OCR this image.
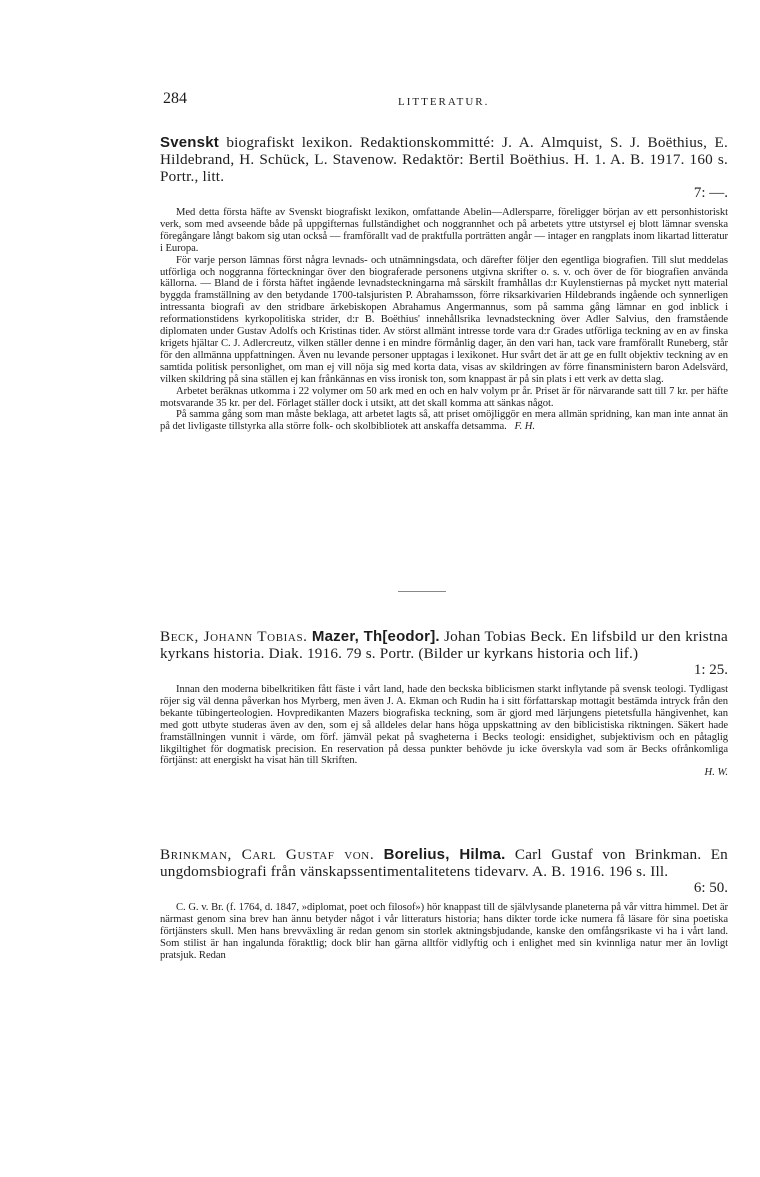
284	LITTERATUR.

Svenskt biografiskt lexikon. Redaktionskommitté: J. A. Almquist, S. J. Boëthius, E. Hildebrand, H. Schück, L. Stavenow. Redaktör: Bertil Boëthius. H. 1. A. B. 1917. 160 s. Portr., litt.

7: —.

Med detta första häfte av Svenskt biografiskt lexikon, omfattande Abelin—Adlersparre, föreligger början av ett personhistoriskt verk, som med avseende både på uppgifternas fullständighet och noggrannhet och på arbetets yttre utstyrsel ej blott lämnar svenska föregångare långt bakom sig utan också — framförallt vad de praktfulla porträtten angår — intager en rangplats inom likartad litteratur i Europa.

För varje person lämnas först några levnads- och utnämningsdata, och därefter följer den egentliga biografien. Till slut meddelas utförliga och noggranna förteckningar över den biograferade personens utgivna skrifter o. s. v. och över de för biografien använda källorna. — Bland de i första häftet ingående levnadsteckningarna må särskilt framhållas d:r Kuylenstiernas på mycket nytt material byggda framställning av den betydande 1700-talsjuristen P. Abrahamsson, förre riksarkivarien Hildebrands ingående och synnerligen intressanta biografi av den stridbare ärkebiskopen Abrahamus Angermannus, som på samma gång lämnar en god inblick i reformationstidens kyrkopolitiska strider, d:r B. Boëthius' innehållsrika levnadsteckning över Adler Salvius, den framstående diplomaten under Gustav Adolfs och Kristinas tider. Av störst allmänt intresse torde vara d:r Grades utförliga teckning av en av finska krigets hjältar C. J. Adlercreutz, vilken ställer denne i en mindre förmånlig dager, än den vari han, tack vare framförallt Runeberg, står för den allmänna uppfattningen. Även nu levande personer upptagas i lexikonet. Hur svårt det är att ge en fullt objektiv teckning av en samtida politisk personlighet, om man ej vill nöja sig med korta data, visas av skildringen av förre finansministern baron Adelsvärd, vilken skildring på sina ställen ej kan frånkännas en viss ironisk ton, som knappast är på sin plats i ett verk av detta slag.

Arbetet beräknas utkomma i 22 volymer om 50 ark med en och en halv volym pr år. Priset är för närvarande satt till 7 kr. per häfte motsvarande 35 kr. per del. Förlaget ställer dock i utsikt, att det skall komma att sänkas något.

På samma gång som man måste beklaga, att arbetet lagts så, att priset omöjliggör en mera allmän spridning, kan man inte annat än på det livligaste tillstyrka alla större folk- och skolbibliotek att anskaffa detsamma. F. H.

Beck, Johann Tobias. Mazer, Th[eodor]. Johan Tobias Beck. En lifsbild ur den kristna kyrkans historia. Diak. 1916. 79 s. Portr. (Bilder ur kyrkans historia och lif.)

1: 25.

Innan den moderna bibelkritiken fått fäste i vårt land, hade den beckska biblicismen starkt inflytande på svensk teologi. Tydligast röjer sig väl denna påverkan hos Myrberg, men även J. A. Ekman och Rudin ha i sitt författarskap mottagit bestämda intryck från den bekante tübingerteologien. Hovpredikanten Mazers biografiska teckning, som är gjord med lärjungens pietetsfulla hängivenhet, kan med gott utbyte studeras även av den, som ej så alldeles delar hans höga uppskattning av den biblicistiska riktningen. Säkert hade framställningen vunnit i värde, om förf. jämväl pekat på svagheterna i Becks teologi: ensidighet, subjektivism och en påtaglig likgiltighet för dogmatisk precision. En reservation på dessa punkter behövde ju icke överskyla vad som är Becks ofrånkomliga förtjänst: att energiskt ha visat hän till Skriften.

H. W.

Brinkman, Carl Gustaf von. Borelius, Hilma. Carl Gustaf von Brinkman. En ungdomsbiografi från vänskapssentimentalitetens tidevarv. A. B. 1916. 196 s. Ill.

6: 50.

C. G. v. Br. (f. 1764, d. 1847, »diplomat, poet och filosof») hör knappast till de självlysande planeterna på vår vittra himmel. Det är närmast genom sina brev han ännu betyder något i vår litteraturs historia; hans dikter torde icke numera få läsare för sina poetiska förtjänsters skull. Men hans brevväxling är redan genom sin storlek aktningsbjudande, kanske den omfångsrikaste vi ha i vårt land. Som stilist är han ingalunda föraktlig; dock blir han gärna alltför vidlyftig och i enlighet med sin kvinnliga natur mer än lovligt pratsjuk. Redan
